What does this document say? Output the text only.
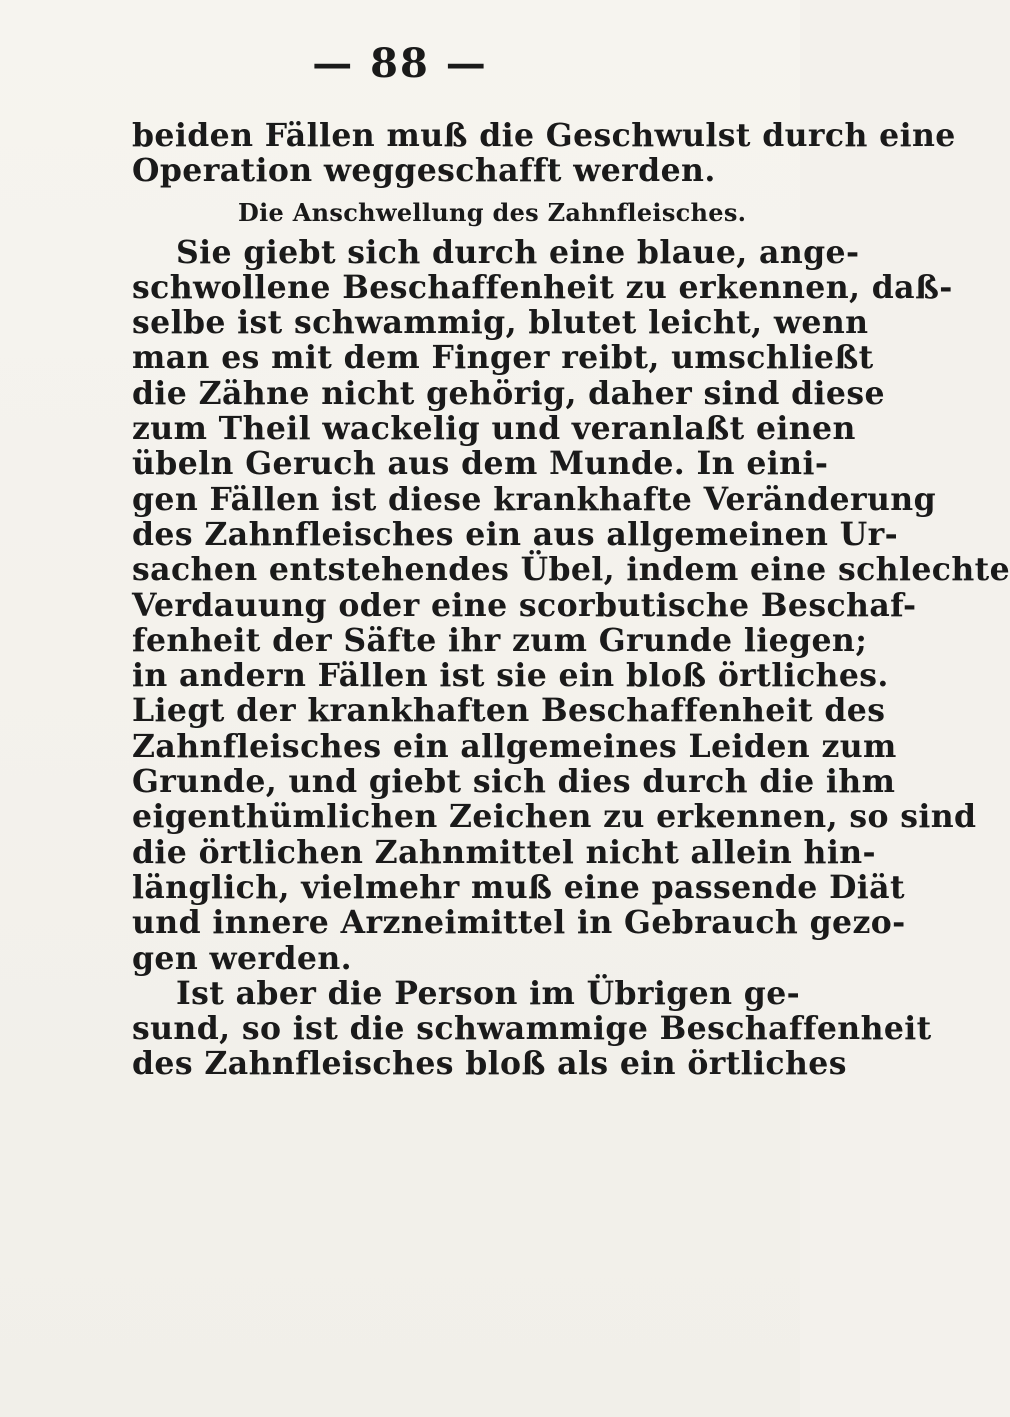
— 88 —
beiden Fällen muß die Geschwulst durch eine
Operation weggeschafft werden.
Die Anschwellung des Zahnfleisches.
Sie giebt sich durch eine blaue, ange-
schwollene Beschaffenheit zu erkennen, daß-
selbe ist schwammig, blutet leicht, wenn
man es mit dem Finger reibt, umschließt
die Zähne nicht gehörig, daher sind diese
zum Theil wackelig und veranlaßt einen
übeln Geruch aus dem Munde. In eini-
gen Fällen ist diese krankhafte Veränderung
des Zahnfleisches ein aus allgemeinen Ur-
sachen entstehendes Übel, indem eine schlechte
Verdauung oder eine scorbutische Beschaf-
fenheit der Säfte ihr zum Grunde liegen;
in andern Fällen ist sie ein bloß örtliches.
Liegt der krankhaften Beschaffenheit des
Zahnfleisches ein allgemeines Leiden zum
Grunde, und giebt sich dies durch die ihm
eigenthümlichen Zeichen zu erkennen, so sind
die örtlichen Zahnmittel nicht allein hin-
länglich, vielmehr muß eine passende Diät
und innere Arzneimittel in Gebrauch gezo-
gen werden.
Ist aber die Person im Übrigen ge-
sund, so ist die schwammige Beschaffenheit
des Zahnfleisches bloß als ein örtliches
